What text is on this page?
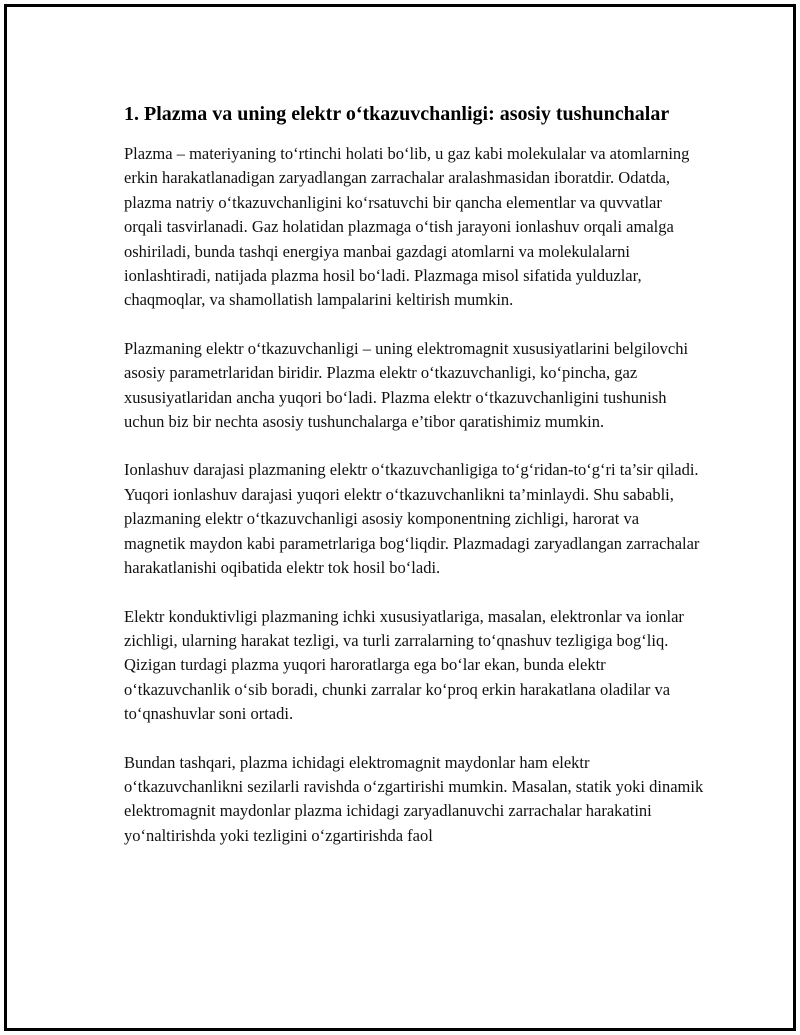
1. Plazma va uning elektr oʻtkazuvchanligi: asosiy tushunchalar

Plazma – materiyaning toʻrtinchi holati boʻlib, u gaz kabi molekulalar va atomlarning erkin harakatlanadigan zaryadlangan zarrachalar aralashmasidan iboratdir. Odatda, plazma natriy oʻtkazuvchanligini koʻrsatuvchi bir qancha elementlar va quvvatlar orqali tasvirlanadi. Gaz holatidan plazmaga oʻtish jarayoni ionlashuv orqali amalga oshiriladi, bunda tashqi energiya manbai gazdagi atomlarni va molekulalarni ionlashtiradi, natijada plazma hosil boʻladi. Plazmaga misol sifatida yulduzlar, chaqmoqlar, va shamollatish lampalarini keltirish mumkin.

Plazmaning elektr oʻtkazuvchanligi – uning elektromagnit xususiyatlarini belgilovchi asosiy parametrlaridan biridir. Plazma elektr oʻtkazuvchanligi, koʻpincha, gaz xususiyatlaridan ancha yuqori boʻladi. Plazma elektr oʻtkazuvchanligini tushunish uchun biz bir nechta asosiy tushunchalarga e’tibor qaratishimiz mumkin.

Ionlashuv darajasi plazmaning elektr oʻtkazuvchanligiga toʻgʻridan-toʻgʻri ta’sir qiladi. Yuqori ionlashuv darajasi yuqori elektr oʻtkazuvchanlikni ta’minlaydi. Shu sababli, plazmaning elektr oʻtkazuvchanligi asosiy komponentning zichligi, harorat va magnetik maydon kabi parametrlariga bogʻliqdir. Plazmadagi zaryadlangan zarrachalar harakatlanishi oqibatida elektr tok hosil boʻladi.

Elektr konduktivligi plazmaning ichki xususiyatlariga, masalan, elektronlar va ionlar zichligi, ularning harakat tezligi, va turli zarralarning toʻqnashuv tezligiga bogʻliq. Qizigan turdagi plazma yuqori haroratlarga ega boʻlar ekan, bunda elektr oʻtkazuvchanlik oʻsib boradi, chunki zarralar koʻproq erkin harakatlana oladilar va toʻqnashuvlar soni ortadi.

Bundan tashqari, plazma ichidagi elektromagnit maydonlar ham elektr oʻtkazuvchanlikni sezilarli ravishda oʻzgartirishi mumkin. Masalan, statik yoki dinamik elektromagnit maydonlar plazma ichidagi zaryadlanuvchi zarrachalar harakatini yoʻnaltirishda yoki tezligini oʻzgartirishda faol
